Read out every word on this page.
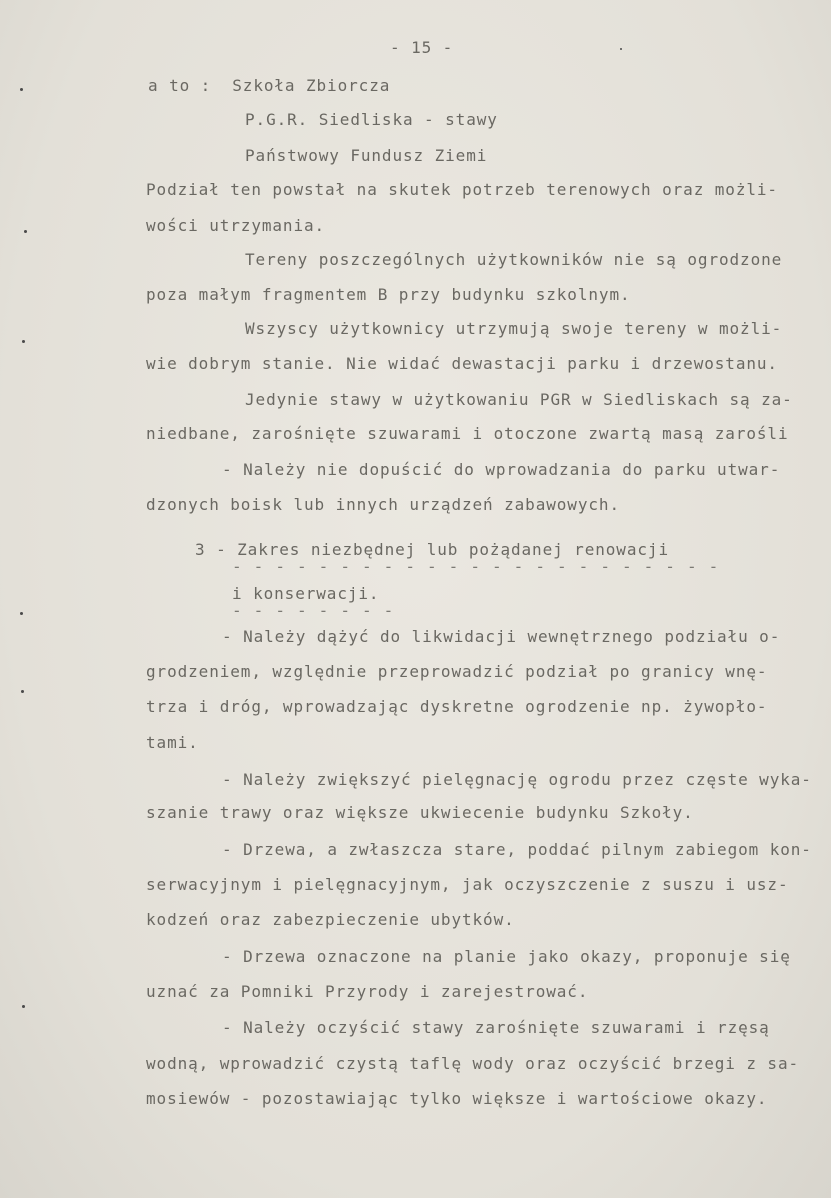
- 15 -
a to :  Szkoła Zbiorcza
P.G.R. Siedliska - stawy
Państwowy Fundusz Ziemi
Podział ten powstał na skutek potrzeb terenowych oraz możli-
wości utrzymania.
Tereny poszczególnych użytkowników nie są ogrodzone
poza małym fragmentem B przy budynku szkolnym.
Wszyscy użytkownicy utrzymują swoje tereny w możli-
wie dobrym stanie. Nie widać dewastacji parku i drzewostanu.
Jedynie stawy w użytkowaniu PGR w Siedliskach są za-
niedbane, zarośnięte szuwarami i otoczone zwartą masą zarośli
- Należy nie dopuścić do wprowadzania do parku utwar-
dzonych boisk lub innych urządzeń zabawowych.
3 - Zakres niezbędnej lub pożądanej renowacji
- - - - - - - - - - - - - - - - - - - - - - -
i konserwacji.
- - - - - - - -
- Należy dążyć do likwidacji wewnętrznego podziału o-
grodzeniem, względnie przeprowadzić podział po granicy wnę-
trza i dróg, wprowadzając dyskretne ogrodzenie np. żywopło-
tami.
- Należy zwiększyć pielęgnację ogrodu przez częste wyka-
szanie trawy oraz większe ukwiecenie budynku Szkoły.
- Drzewa, a zwłaszcza stare, poddać pilnym zabiegom kon-
serwacyjnym i pielęgnacyjnym, jak oczyszczenie z suszu i usz-
kodzeń oraz zabezpieczenie ubytków.
- Drzewa oznaczone na planie jako okazy, proponuje się
uznać za Pomniki Przyrody i zarejestrować.
- Należy oczyścić stawy zarośnięte szuwarami i rzęsą
wodną, wprowadzić czystą taflę wody oraz oczyścić brzegi z sa-
mosiewów - pozostawiając tylko większe i wartościowe okazy.
